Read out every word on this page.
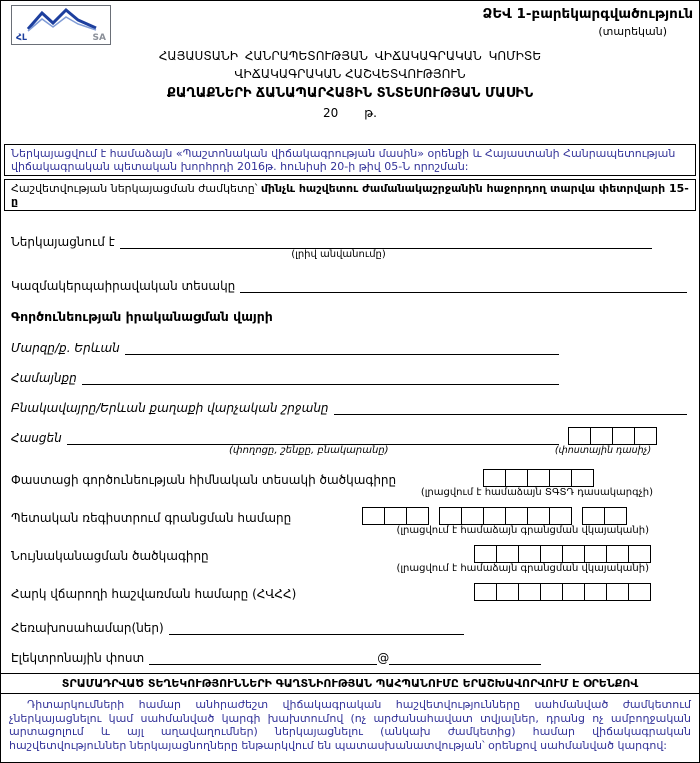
ՀԼ	SA
ՁԵՎ 1-բարեկարգվածություն
(տարեկան)
ՀԱՅԱՍՏԱՆԻ ՀԱՆՐԱՊԵՏՈՒԹՅԱՆ ՎԻՃԱԿԱԳՐԱԿԱՆ ԿՈՄԻՏԵ
ՎԻՃԱԿԱԳՐԱԿԱՆ ՀԱՇՎԵՏՎՈՒԹՅՈՒՆ
ՔԱՂԱՔՆԵՐԻ ՃԱՆԱՊԱՐՀԱՅԻՆ ՏՆՏԵՍՈՒԹՅԱՆ ՄԱՍԻՆ
20 թ.
Ներկայացվում է համաձայն «Պաշտոնական վիճակագրության մասին» օրենքի և Հայաստանի Հանրապետության վիճակագրական պետական խորհրդի 2016թ. հունիսի 20-ի թիվ 05-Ն որոշման:
Հաշվետվության ներկայացման ժամկետը՝ մինչև հաշվետու ժամանակաշրջանին հաջորդող տարվա փետրվարի 15-ը
Ներկայացնում է
(լրիվ անվանումը)
Կազմակերպաիրավական տեսակը
Գործունեության իրականացման վայրի
Մարզը/ք. Երևան
Համայնքը
Բնակավայրը/Երևան քաղաքի վարչական շրջանը
Հասցեն
(փողոցը, շենքը, բնակարանը)	(փոստային դասիչ)
Փաստացի գործունեության հիմնական տեսակի ծածկագիրը
(լրացվում է համաձայն ՏԳՏԴ դասակարգչի)
Պետական ռեգիստրում գրանցման համարը
(լրացվում է համաձայն գրանցման վկայականի)
Նույնականացման ծածկագիրը
(լրացվում է համաձայն գրանցման վկայականի)
Հարկ վճարողի հաշվառման համարը (ՀՎՀՀ)
Հեռախոսահամար(ներ)
Էլեկտրոնային փոստ	@
ՏՐԱՄԱԴՐՎԱԾ ՏԵՂԵԿՈՒԹՅՈՒՆՆԵՐԻ ԳԱՂՏՆԻՈՒԹՅԱՆ ՊԱՀՊԱՆՈՒՄԸ ԵՐԱՇԽԱՎՈՐՎՈՒՄ Է ՕՐԵՆՔՈՎ
Դիտարկումների համար անհրաժեշտ վիճակագրական հաշվետվությունները սահմանված ժամկետում չներկայացնելու կամ սահմանված կարգի խախտումով (ոչ արժանահավատ տվյալներ, դրանց ոչ ամբողջական արտացոլում և այլ աղավաղումներ) ներկայացնելու (անկախ ժամկետից) համար վիճակագրական հաշվետվություններ ներկայացնողները ենթարկվում են պատասխանատվության՝ օրենքով սահմանված կարգով:
